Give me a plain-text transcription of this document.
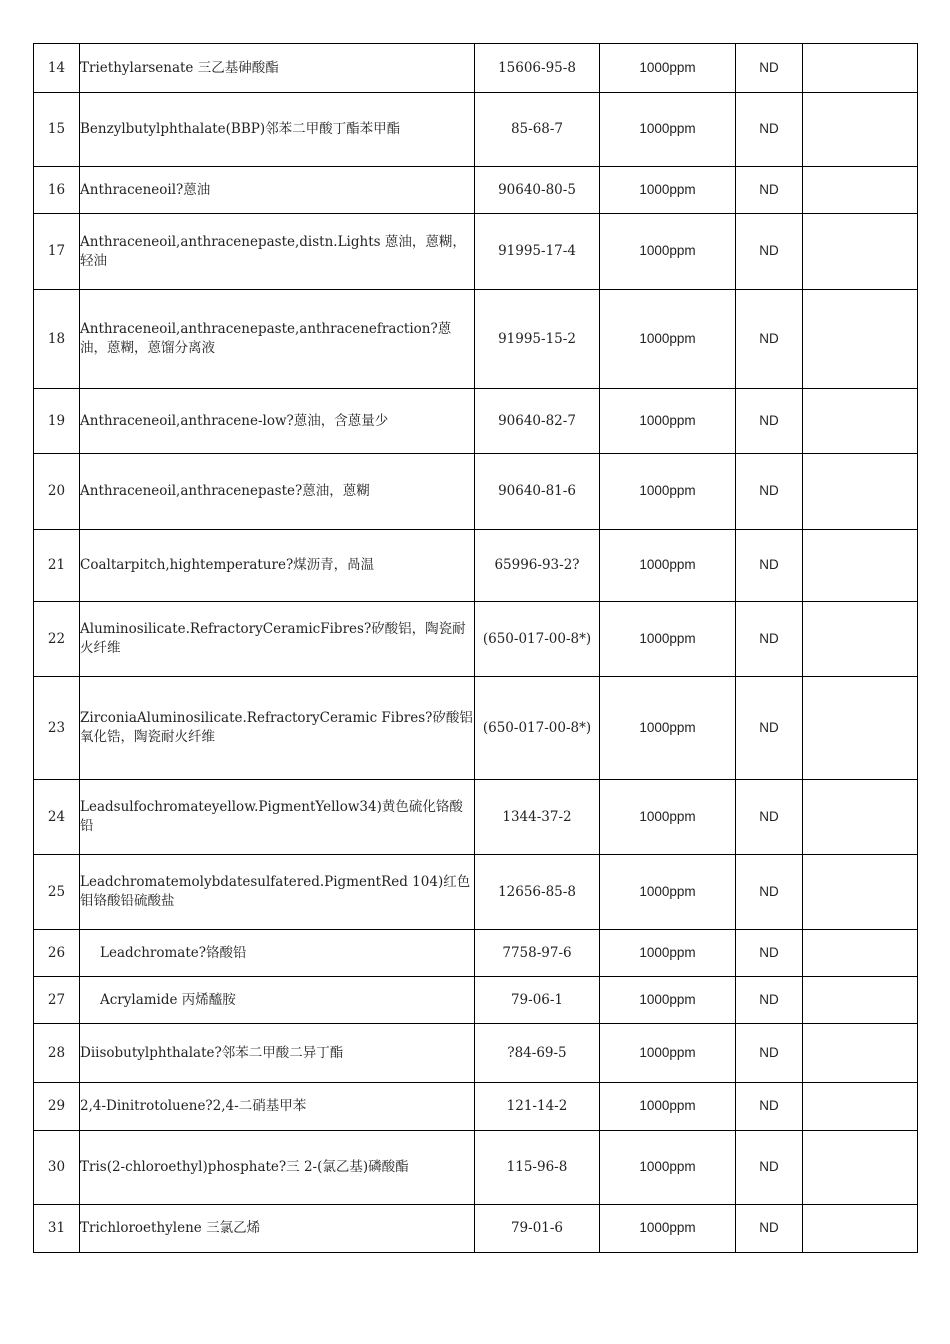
14	Triethylarsenate 三乙基砷酸酯	15606-95-8	1000ppm	ND	
15	Benzylbutylphthalate(BBP)邻苯二甲酸丁酯苯甲酯	85-68-7	1000ppm	ND	
16	Anthraceneoil?蒽油	90640-80-5	1000ppm	ND	
17	Anthraceneoil,anthracenepaste,distn.Lights 蒽油，蒽糊，轻油	91995-17-4	1000ppm	ND	
18	Anthraceneoil,anthracenepaste,anthracenefraction?蒽油，蒽糊，蒽馏分离液	91995-15-2	1000ppm	ND	
19	Anthraceneoil,anthracene-low?蒽油，含蒽量少	90640-82-7	1000ppm	ND	
20	Anthraceneoil,anthracenepaste?蒽油，蒽糊	90640-81-6	1000ppm	ND	
21	Coaltarpitch,hightemperature?煤沥青，咼温	65996-93-2?	1000ppm	ND	
22	Aluminosilicate.RefractoryCeramicFibres?矽酸铝，陶瓷耐火纤维	(650-017-00-8*)	1000ppm	ND	
23	ZirconiaAluminosilicate.RefractoryCeramic Fibres?矽酸铝氧化锆，陶瓷耐火纤维	(650-017-00-8*)	1000ppm	ND	
24	Leadsulfochromateyellow.PigmentYellow34)黄色硫化铬酸铅	1344-37-2	1000ppm	ND	
25	Leadchromatemolybdatesulfatered.PigmentRed 104)红色钼铬酸铅硫酸盐	12656-85-8	1000ppm	ND	
26	Leadchromate?铬酸铅	7758-97-6	1000ppm	ND	
27	Acrylamide 丙烯醯胺	79-06-1	1000ppm	ND	
28	Diisobutylphthalate?邻苯二甲酸二异丁酯	?84-69-5	1000ppm	ND	
29	2,4-Dinitrotoluene?2,4-二硝基甲苯	121-14-2	1000ppm	ND	
30	Tris(2-chloroethyl)phosphate?三 2-(氯乙基)磷酸酯	115-96-8	1000ppm	ND	
31	Trichloroethylene 三氯乙烯	79-01-6	1000ppm	ND	
